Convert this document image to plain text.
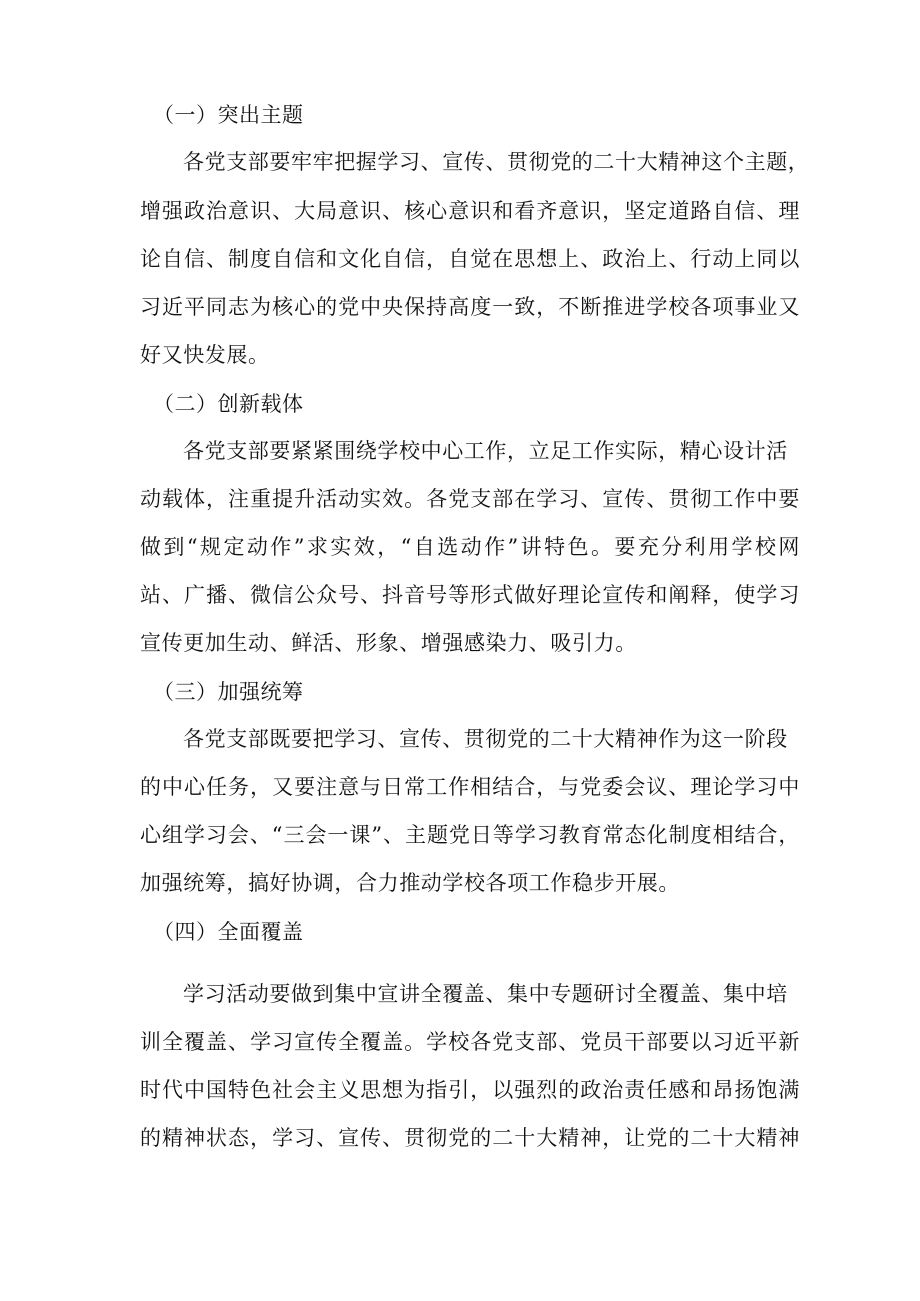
（一）突出主题
各党支部要牢牢把握学习、宣传、贯彻党的二十大精神这个主题，
增强政治意识、大局意识、核心意识和看齐意识，坚定道路自信、理
论自信、制度自信和文化自信，自觉在思想上、政治上、行动上同以
习近平同志为核心的党中央保持高度一致，不断推进学校各项事业又
好又快发展。
（二）创新载体
各党支部要紧紧围绕学校中心工作，立足工作实际，精心设计活
动载体，注重提升活动实效。各党支部在学习、宣传、贯彻工作中要
做到“规定动作”求实效，“自选动作”讲特色。要充分利用学校网
站、广播、微信公众号、抖音号等形式做好理论宣传和阐释，使学习
宣传更加生动、鲜活、形象、增强感染力、吸引力。
（三）加强统筹
各党支部既要把学习、宣传、贯彻党的二十大精神作为这一阶段
的中心任务，又要注意与日常工作相结合，与党委会议、理论学习中
心组学习会、“三会一课”、主题党日等学习教育常态化制度相结合，
加强统筹，搞好协调，合力推动学校各项工作稳步开展。
（四）全面覆盖
学习活动要做到集中宣讲全覆盖、集中专题研讨全覆盖、集中培
训全覆盖、学习宣传全覆盖。学校各党支部、党员干部要以习近平新
时代中国特色社会主义思想为指引，以强烈的政治责任感和昂扬饱满
的精神状态，学习、宣传、贯彻党的二十大精神，让党的二十大精神
